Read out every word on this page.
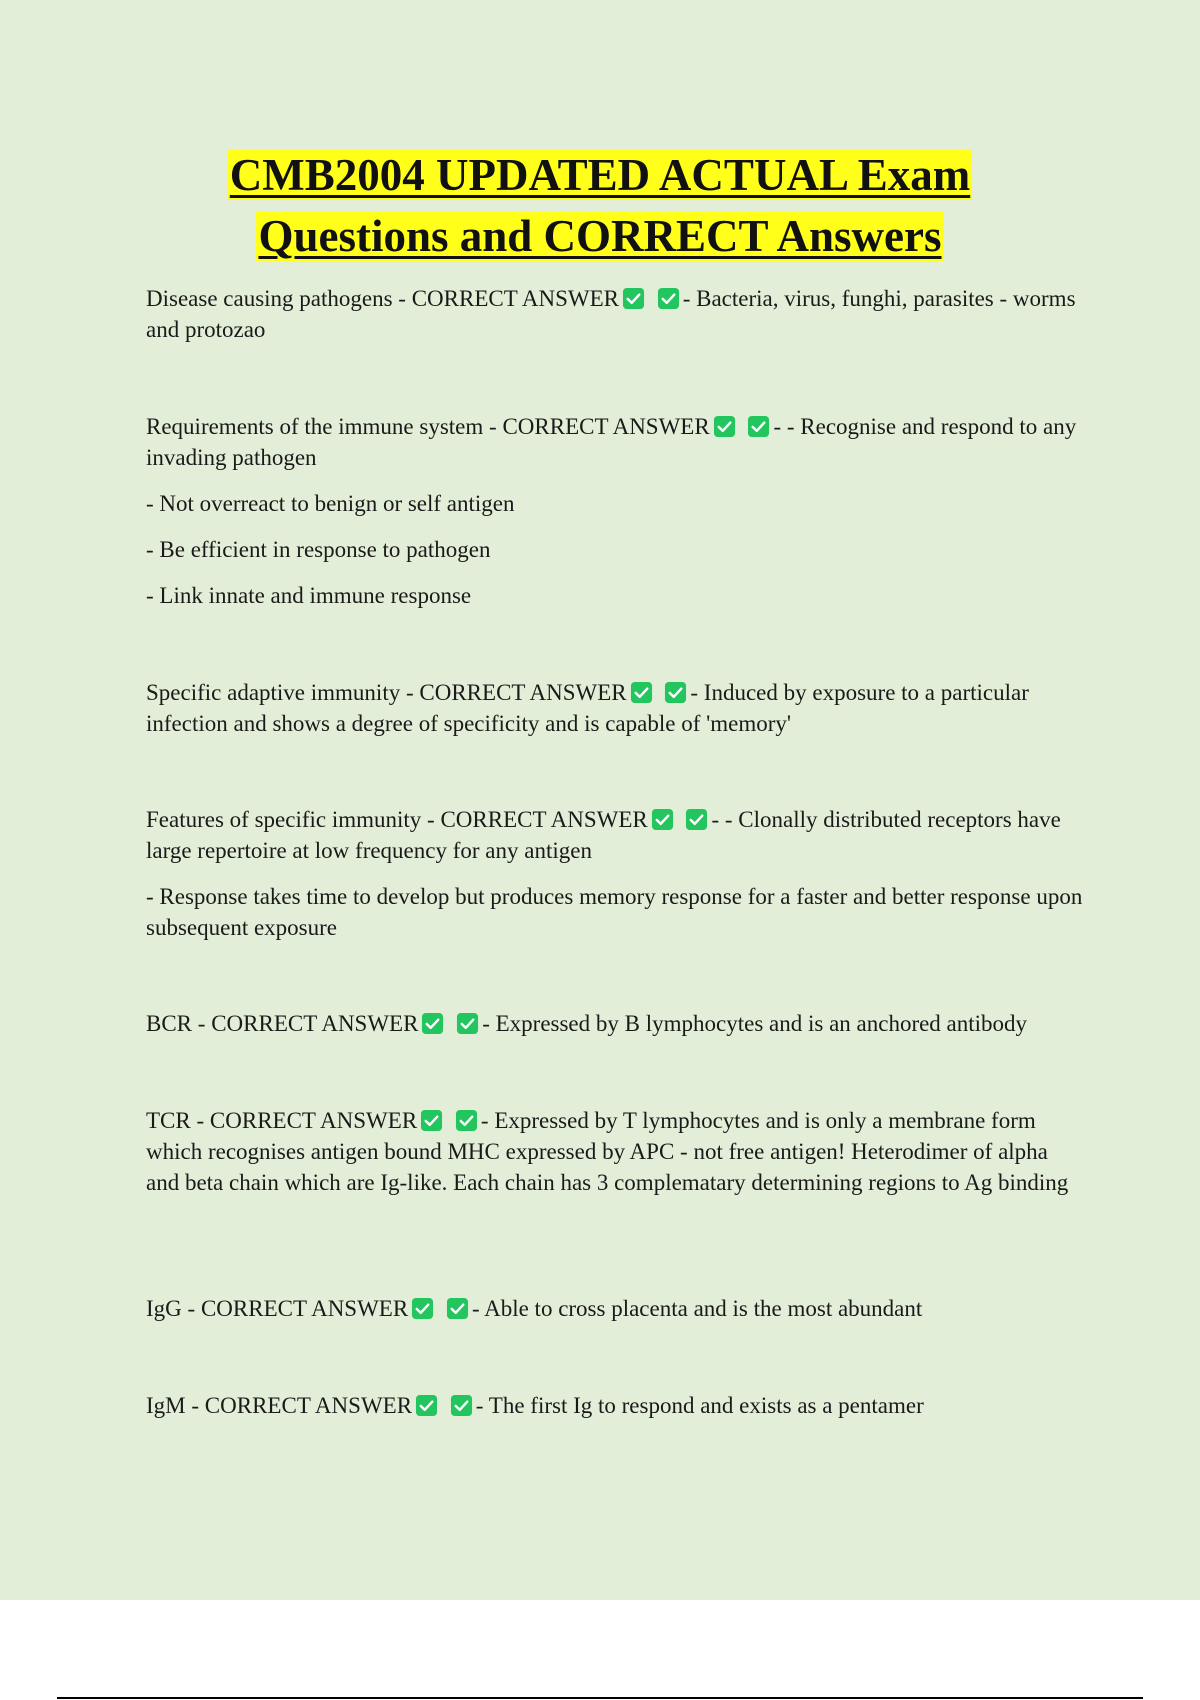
CMB2004 UPDATED ACTUAL Exam
Questions and CORRECT Answers

Disease causing pathogens - CORRECT ANSWER
	- Bacteria, virus, funghi, parasites - worms and protozao

Requirements of the immune system - CORRECT ANSWER
	- - Recognise and respond to any invading pathogen

- Not overreact to benign or self antigen

- Be efficient in response to pathogen

- Link innate and immune response

Specific adaptive immunity - CORRECT ANSWER
	- Induced by exposure to a particular infection and shows a degree of specificity and is capable of 'memory'

Features of specific immunity - CORRECT ANSWER
	- - Clonally distributed receptors have large repertoire at low frequency for any antigen

- Response takes time to develop but produces memory response for a faster and better response upon subsequent exposure

BCR - CORRECT ANSWER
	- Expressed by B lymphocytes and is an anchored antibody

TCR - CORRECT ANSWER
	- Expressed by T lymphocytes and is only a membrane form which recognises antigen bound MHC expressed by APC - not free antigen! Heterodimer of alpha and beta chain which are Ig-like. Each chain has 3 complematary determining regions to Ag binding

IgG - CORRECT ANSWER
	- Able to cross placenta and is the most abundant

IgM - CORRECT ANSWER
	- The first Ig to respond and exists as a pentamer
